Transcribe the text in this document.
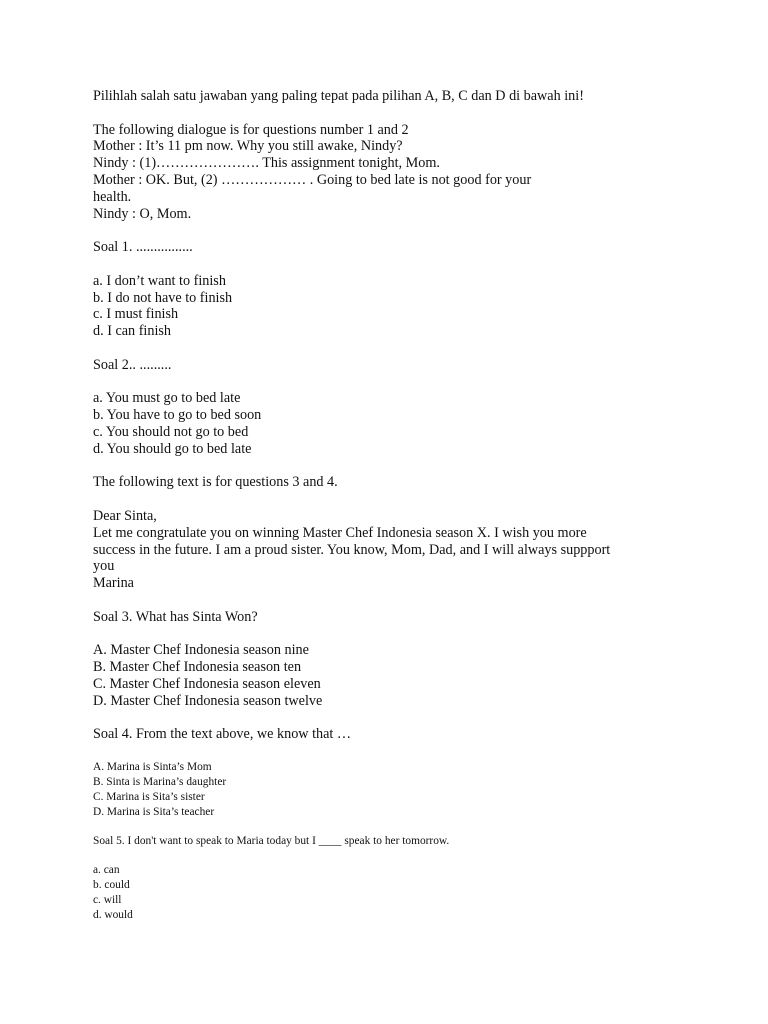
Pilihlah salah satu jawaban yang paling tepat pada pilihan A, B, C dan D di bawah ini!
The following dialogue is for questions number 1 and 2
Mother : It’s 11 pm now. Why you still awake, Nindy?
Nindy : (1)…………………. This assignment tonight, Mom.
Mother : OK. But, (2) ……………… . Going to bed late is not good for your
health.
Nindy : O, Mom.
Soal 1. ................
a. I don’t want to finish
b. I do not have to finish
c. I must finish
d. I can finish
Soal 2.. .........
a. You must go to bed late
b. You have to go to bed soon
c. You should not go to bed
d. You should go to bed late
The following text is for questions 3 and 4.
Dear Sinta,
Let me congratulate you on winning Master Chef Indonesia season X. I wish you more
success in the future. I am a proud sister. You know, Mom, Dad, and I will always suppport
you
Marina
Soal 3. What has Sinta Won?
A. Master Chef Indonesia season nine
B. Master Chef Indonesia season ten
C. Master Chef Indonesia season eleven
D. Master Chef Indonesia season twelve
Soal 4. From the text above, we know that …
A. Marina is Sinta’s Mom
B. Sinta is Marina’s daughter
C. Marina is Sita’s sister
D. Marina is Sita’s teacher
Soal 5. I don't want to speak to Maria today but I ____ speak to her tomorrow.
a. can
b. could
c. will
d. would
